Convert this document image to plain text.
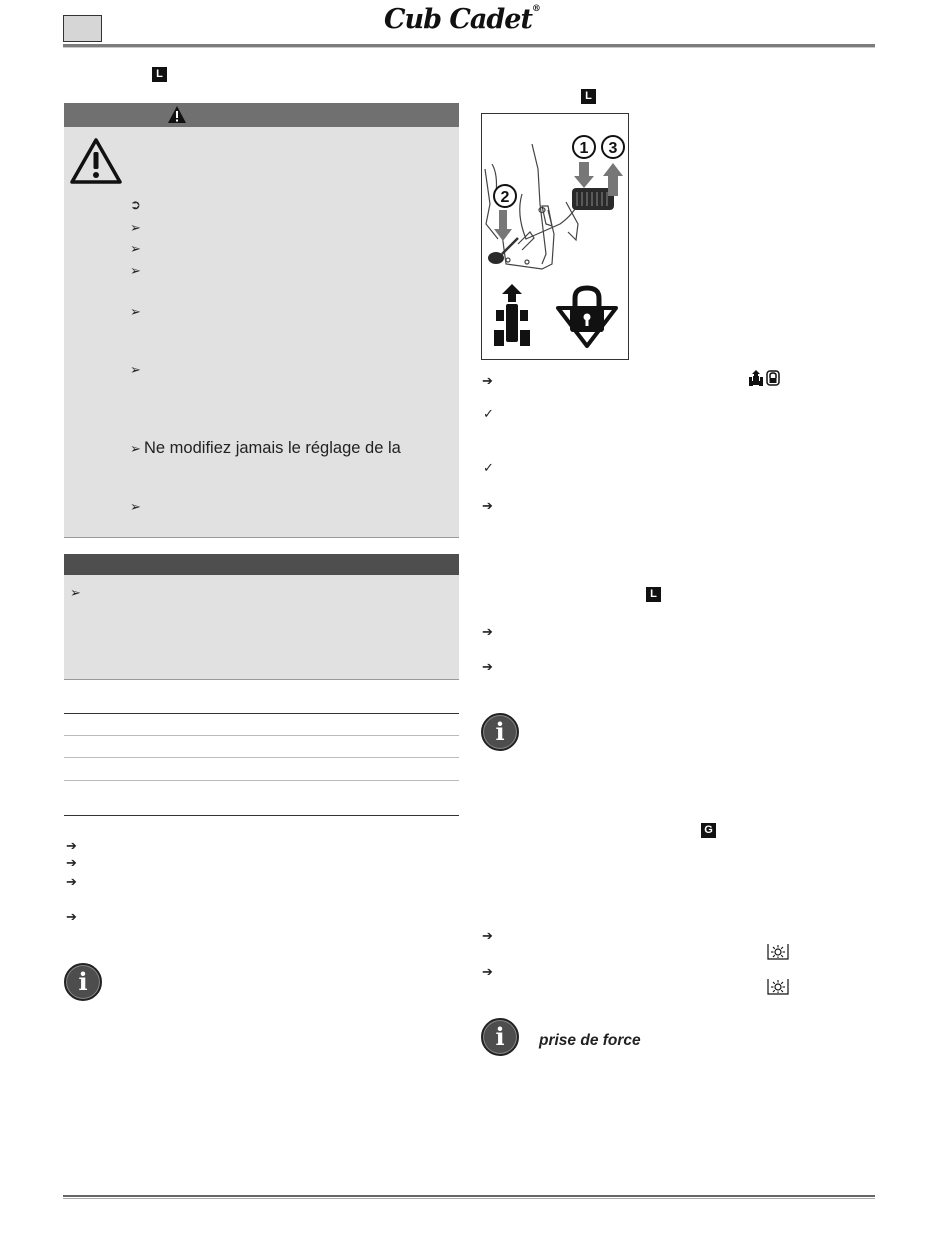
Cub Cadet®
L
➲
➢
➢
➢
➢
➢
➢ Ne modifiez jamais le réglage de la
➢
➢
➔
➔
➔
➔
i
L
1 3
2
➔
✓
✓
➔
L
➔
➔
i
G
➔
➔
i	prise de force
